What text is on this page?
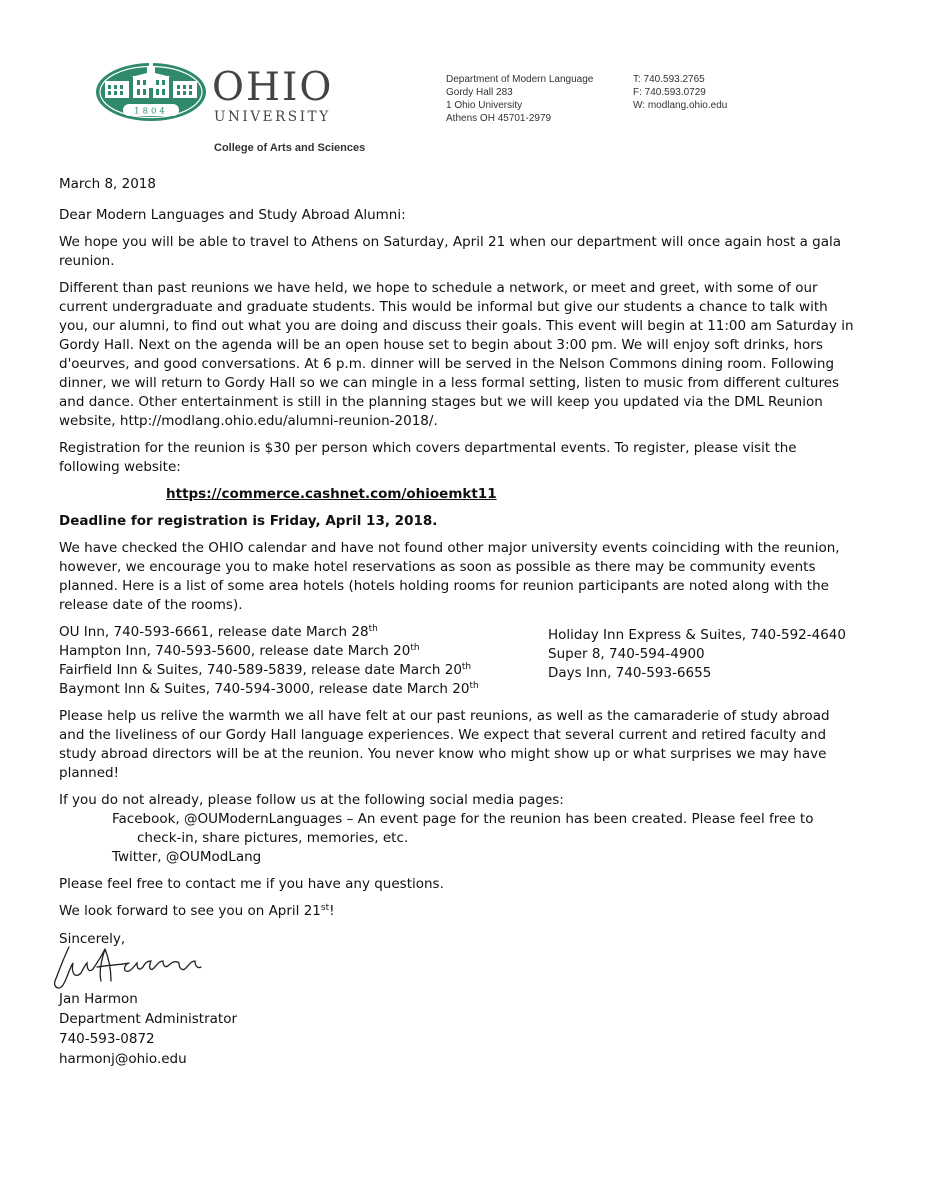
1804
OHIO
UNIVERSITY
College of Arts and Sciences
Department of Modern Language
Gordy Hall 283
1 Ohio University
Athens OH 45701-2979
T: 740.593.2765
F: 740.593.0729
W: modlang.ohio.edu

March 8, 2018

Dear Modern Languages and Study Abroad Alumni:

We hope you will be able to travel to Athens on Saturday, April 21 when our department will once again host a gala reunion.

Different than past reunions we have held, we hope to schedule a network, or meet and greet, with some of our current undergraduate and graduate students. This would be informal but give our students a chance to talk with you, our alumni, to find out what you are doing and discuss their goals. This event will begin at 11:00 am Saturday in Gordy Hall. Next on the agenda will be an open house set to begin about 3:00 pm. We will enjoy soft drinks, hors d'oeurves, and good conversations. At 6 p.m. dinner will be served in the Nelson Commons dining room. Following dinner, we will return to Gordy Hall so we can mingle in a less formal setting, listen to music from different cultures and dance. Other entertainment is still in the planning stages but we will keep you updated via the DML Reunion website, http://modlang.ohio.edu/alumni-reunion-2018/.

Registration for the reunion is $30 per person which covers departmental events. To register, please visit the following website:

https://commerce.cashnet.com/ohioemkt11

Deadline for registration is Friday, April 13, 2018.

We have checked the OHIO calendar and have not found other major university events coinciding with the reunion, however, we encourage you to make hotel reservations as soon as possible as there may be community events planned. Here is a list of some area hotels (hotels holding rooms for reunion participants are noted along with the release date of the rooms).

OU Inn, 740-593-6661, release date March 28th
Hampton Inn, 740-593-5600, release date March 20th
Fairfield Inn & Suites, 740-589-5839, release date March 20th
Baymont Inn & Suites, 740-594-3000, release date March 20th
Holiday Inn Express & Suites, 740-592-4640
Super 8, 740-594-4900
Days Inn, 740-593-6655

Please help us relive the warmth we all have felt at our past reunions, as well as the camaraderie of study abroad and the liveliness of our Gordy Hall language experiences. We expect that several current and retired faculty and study abroad directors will be at the reunion. You never know who might show up or what surprises we may have planned!

If you do not already, please follow us at the following social media pages:
Facebook, @OUModernLanguages – An event page for the reunion has been created. Please feel free to
check-in, share pictures, memories, etc.
Twitter, @OUModLang

Please feel free to contact me if you have any questions.

We look forward to see you on April 21st!

Sincerely,
Jan Harmon
Department Administrator
740-593-0872
harmonj@ohio.edu
